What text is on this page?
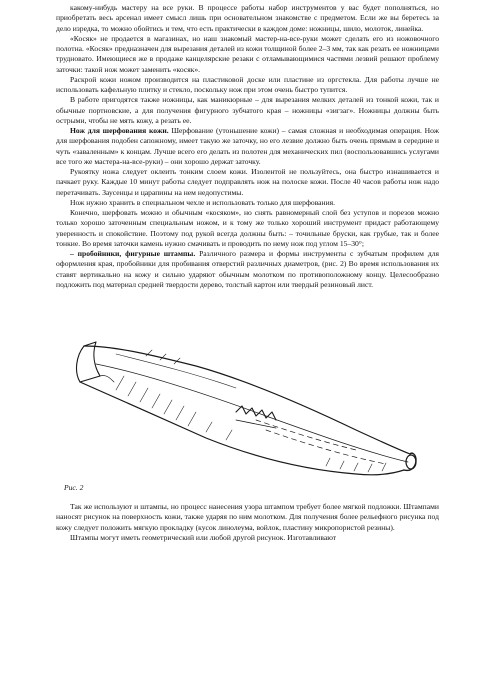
какому-нибудь мастеру на все руки. В процессе работы набор инструментов у вас будет пополняться, но приобретать весь арсенал имеет смысл лишь при основательном знакомстве с предметом. Если же вы беретесь за дело изредка, то можно обойтись и тем, что есть практически в каждом доме: ножницы, шило, молоток, линейка.

«Косяк» не продается в магазинах, но наш знакомый мастер-на-все-руки может сделать его из ножовочного полотна. «Косяк» предназначен для вырезания деталей из кожи толщиной более 2–3 мм, так как резать ее ножницами трудновато. Имеющиеся же в продаже канцелярские резаки с отламывающимися частями лезвий решают проблему заточки: такой нож может заменить «косяк».

Раскрой кожи ножом производится на пластиковой доске или пластине из оргстекла. Для работы лучше не использовать кафельную плитку и стекло, поскольку нож при этом очень быстро тупится.

В работе пригодятся также ножницы, как маникюрные – для вырезания мелких деталей из тонкой кожи, так и обычные портновские, а для получения фигурного зубчатого края – ножницы «зигзаг». Ножницы должны быть острыми, чтобы не мять кожу, а резать ее.

Нож для шерфования кожи. Шерфование (утоньшение кожи) – самая сложная и необходимая операция. Нож для шерфования подобен сапожному, имеет такую же заточку, но его лезвие должно быть очень прямым в середине и чуть «заваленным» к концам. Лучше всего его делать из полотен для механических пил (воспользовавшись услугами все того же мастера-на-все-руки) – они хорошо держат заточку.

Рукоятку ножа следует оклеить тонким слоем кожи. Изолентой не пользуйтесь, она быстро изнашивается и пачкает руку. Каждые 10 минут работы следует подправлять нож на полоске кожи. После 40 часов работы нож надо перетачивать. Заусенцы и царапины на нем недопустимы.

Нож нужно хранить в специальном чехле и использовать только для шерфования.

Конечно, шерфовать можно и обычным «косяком», но снять равномерный слой без уступов и порезов можно только хорошо заточенным специальным ножом, и к тому же только хороший инструмент придаст работающему уверенность и спокойствие. Поэтому под рукой всегда должны быть: – точильные бруски, как грубые, так и более тонкие. Во время заточки камень нужно смачивать и проводить по нему нож под углом 15–30°;

– пробойники, фигурные штампы. Различного размера и формы инструменты с зубчатым профилем для оформления края, пробойники для пробивания отверстий различных диаметров, (рис. 2) Во время использования их ставят вертикально на кожу и сильно ударяют обычным молотком по противоположному концу. Целесообразно подложить под материал средней твердости дерево, толстый картон или твердый резиновый лист.

Рис. 2

Так же используют и штампы, но процесс нанесения узора штампом требует более мягкой подложки. Штампами наносят рисунок на поверхность кожи, также ударяя по ним молотком. Для получения более рельефного рисунка под кожу следует положить мягкую прокладку (кусок линолеума, войлок, пластину микропористой резины).

Штампы могут иметь геометрический или любой другой рисунок. Изготавливают
